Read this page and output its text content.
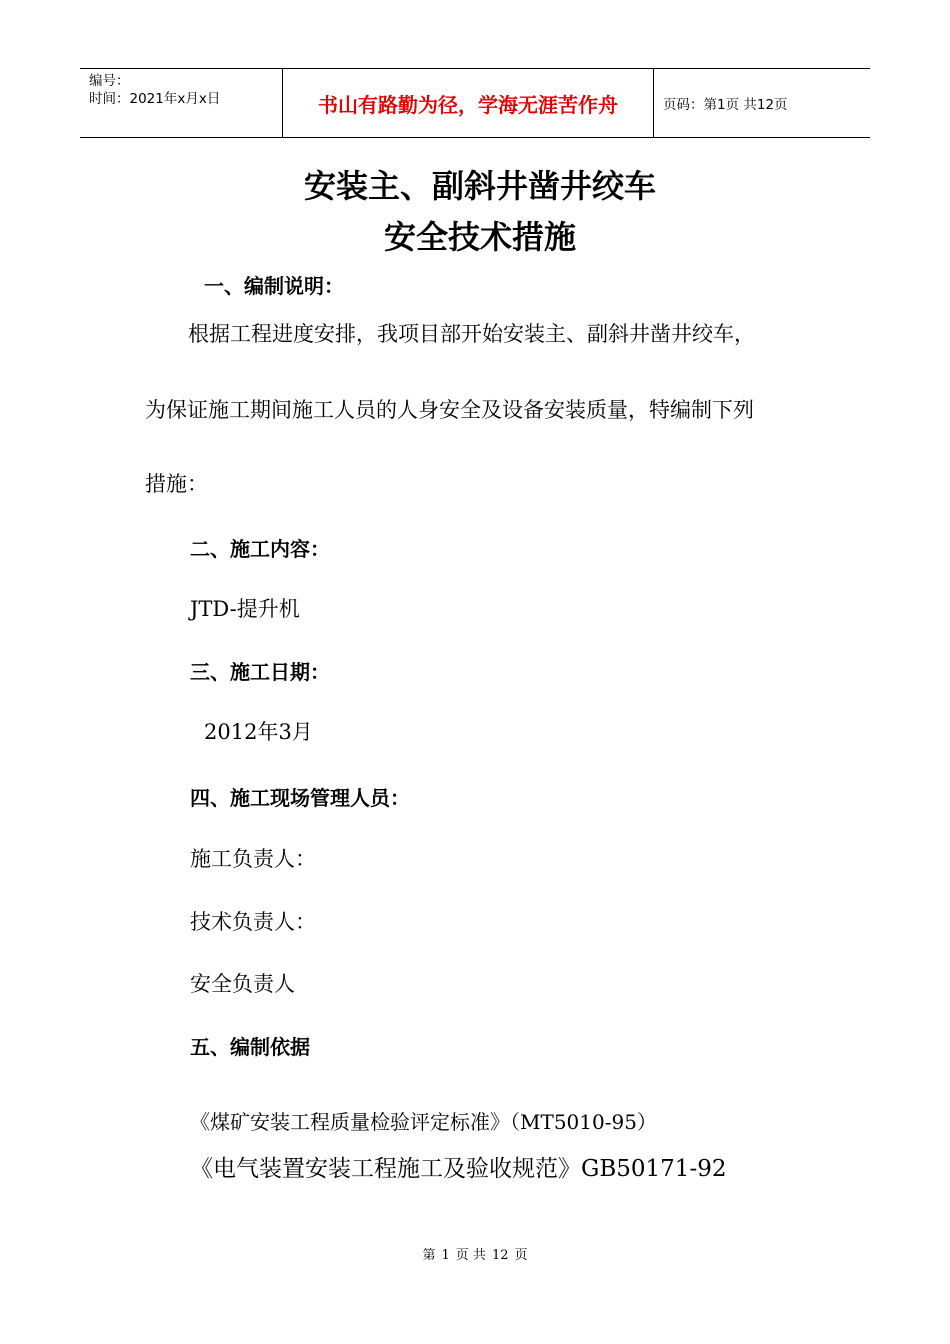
编号：
时间：2021年x月x日	书山有路勤为径，学海无涯苦作舟	页码：第1页 共12页
安装主、副斜井凿井绞车
安全技术措施
一、编制说明：
根据工程进度安排，我项目部开始安装主、副斜井凿井绞车，
为保证施工期间施工人员的人身安全及设备安装质量，特编制下列
措施：
二、施工内容：
JTD-提升机
三、施工日期：
2012年3月
四、施工现场管理人员：
施工负责人：
技术负责人：
安全负责人
五、编制依据
《煤矿安装工程质量检验评定标准》（MT5010-95）
《电气装置安装工程施工及验收规范》GB50171-92
第 1 页 共 12 页
